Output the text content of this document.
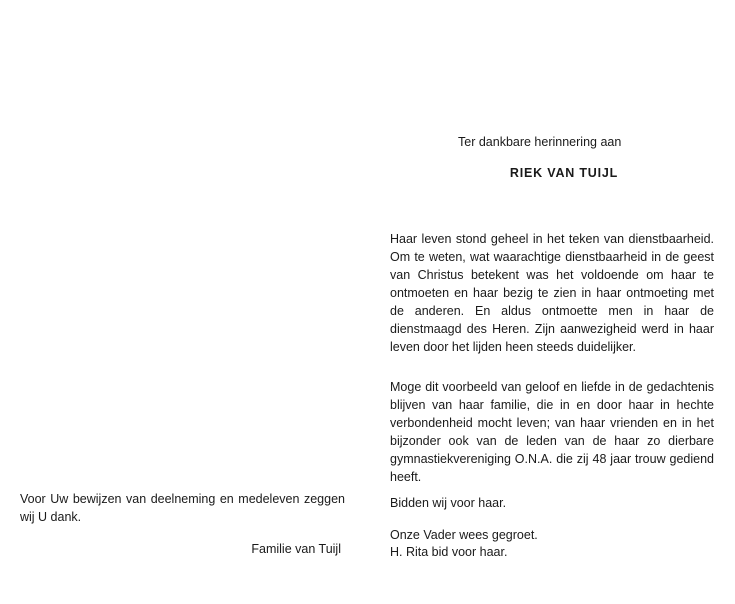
Voor Uw bewijzen van deelneming en medeleven zeggen wij U dank.

Familie van Tuijl

Ter dankbare herinnering aan

RIEK VAN TUIJL

Haar leven stond geheel in het teken van dienstbaarheid. Om te weten, wat waarachtige dienstbaarheid in de geest van Christus betekent was het voldoende om haar te ontmoeten en haar bezig te zien in haar ontmoeting met de anderen. En aldus ontmoette men in haar de dienstmaagd des Heren. Zijn aanwezigheid werd in haar leven door het lijden heen steeds duidelijker.

Moge dit voorbeeld van geloof en liefde in de gedachtenis blijven van haar familie, die in en door haar in hechte verbondenheid mocht leven; van haar vrienden en in het bijzonder ook van de leden van de haar zo dierbare gymnastiekvereniging O.N.A. die zij 48 jaar trouw gediend heeft.

Bidden wij voor haar.

Onze Vader wees gegroet.

H. Rita bid voor haar.
